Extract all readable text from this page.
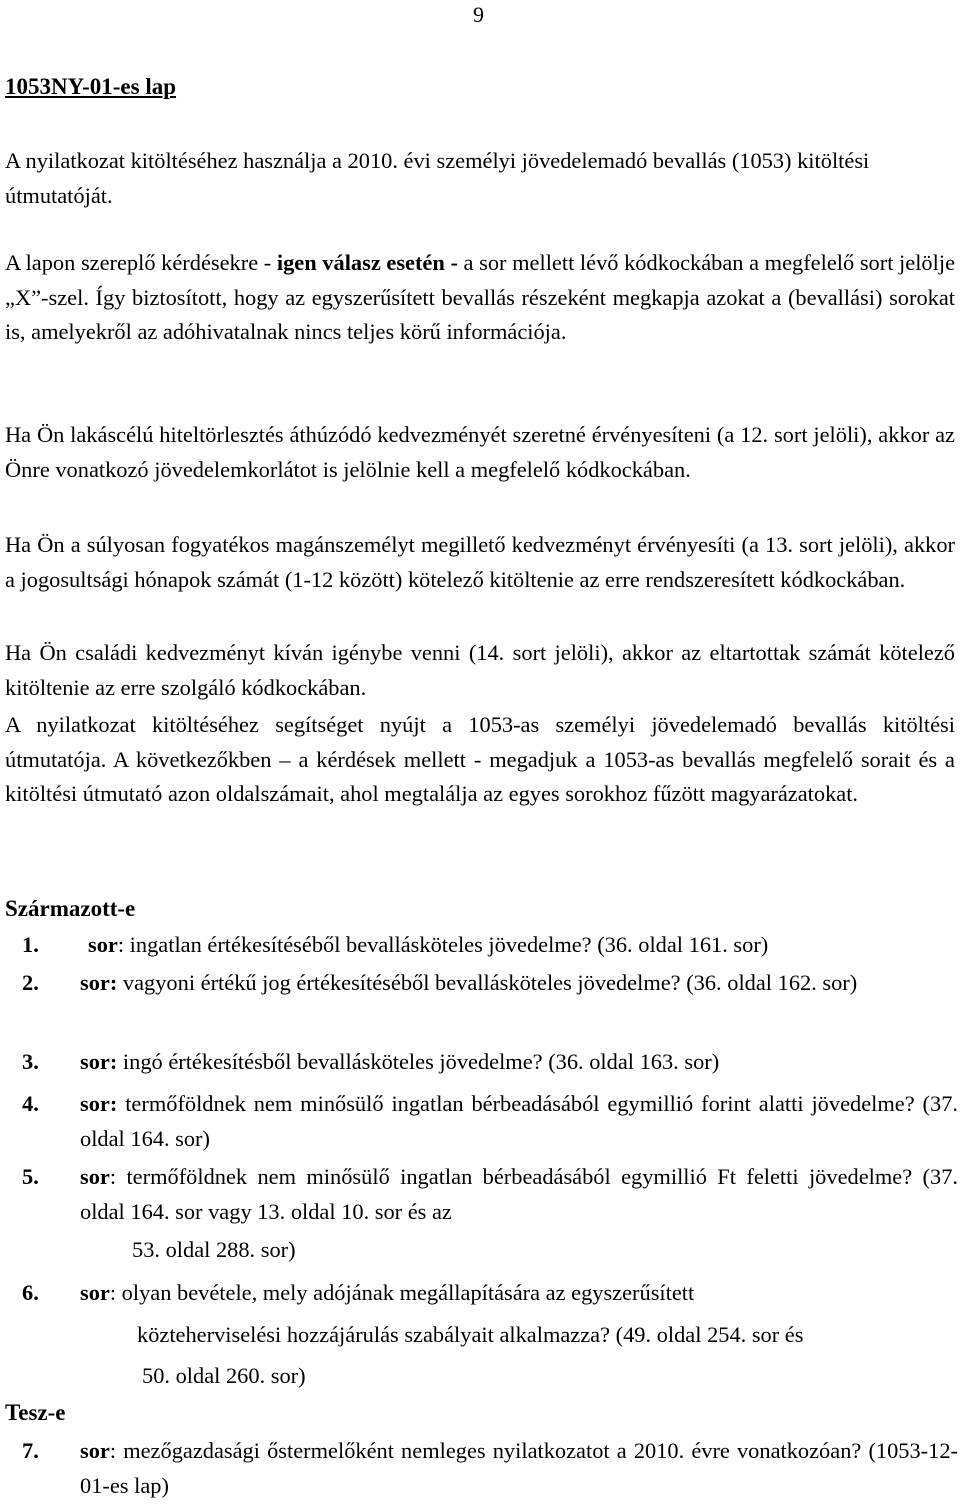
9
1053NY-01-es lap

A nyilatkozat kitöltéséhez használja a 2010. évi személyi jövedelemadó bevallás (1053) kitöltési útmutatóját.

A lapon szereplő kérdésekre - igen válasz esetén - a sor mellett lévő kódkockában a megfelelő sort jelölje „X”-szel. Így biztosított, hogy az egyszerűsített bevallás részeként megkapja azokat a (bevallási) sorokat is, amelyekről az adóhivatalnak nincs teljes körű információja.

Ha Ön lakáscélú hiteltörlesztés áthúzódó kedvezményét szeretné érvényesíteni (a 12. sort jelöli), akkor az Önre vonatkozó jövedelemkorlátot is jelölnie kell a megfelelő kódkockában.

Ha Ön a súlyosan fogyatékos magánszemélyt megillető kedvezményt érvényesíti (a 13. sort jelöli), akkor a jogosultsági hónapok számát (1-12 között) kötelező kitöltenie az erre rendszeresített kódkockában.

Ha Ön családi kedvezményt kíván igénybe venni (14. sort jelöli), akkor az eltartottak számát kötelező kitöltenie az erre szolgáló kódkockában.

A nyilatkozat kitöltéséhez segítséget nyújt a 1053-as személyi jövedelemadó bevallás kitöltési útmutatója. A következőkben – a kérdések mellett - megadjuk a 1053-as bevallás megfelelő sorait és a kitöltési útmutató azon oldalszámait, ahol megtalálja az egyes sorokhoz fűzött magyarázatokat.

Származott-e
1. sor: ingatlan értékesítéséből bevallásköteles jövedelme? (36. oldal 161. sor)
2. sor: vagyoni értékű jog értékesítéséből bevallásköteles jövedelme? (36. oldal 162. sor)
3. sor: ingó értékesítésből bevallásköteles jövedelme? (36. oldal 163. sor)
4. sor: termőföldnek nem minősülő ingatlan bérbeadásából egymillió forint alatti jövedelme? (37. oldal 164. sor)
5. sor: termőföldnek nem minősülő ingatlan bérbeadásából egymillió Ft feletti jövedelme? (37. oldal 164. sor vagy 13. oldal 10. sor és az
53. oldal 288. sor)
6. sor: olyan bevétele, mely adójának megállapítására az egyszerűsített
közteherviselési hozzájárulás szabályait alkalmazza? (49. oldal 254. sor és
50. oldal 260. sor)
Tesz-e
7. sor: mezőgazdasági őstermelőként nemleges nyilatkozatot a 2010. évre vonatkozóan? (1053-12-01-es lap)
